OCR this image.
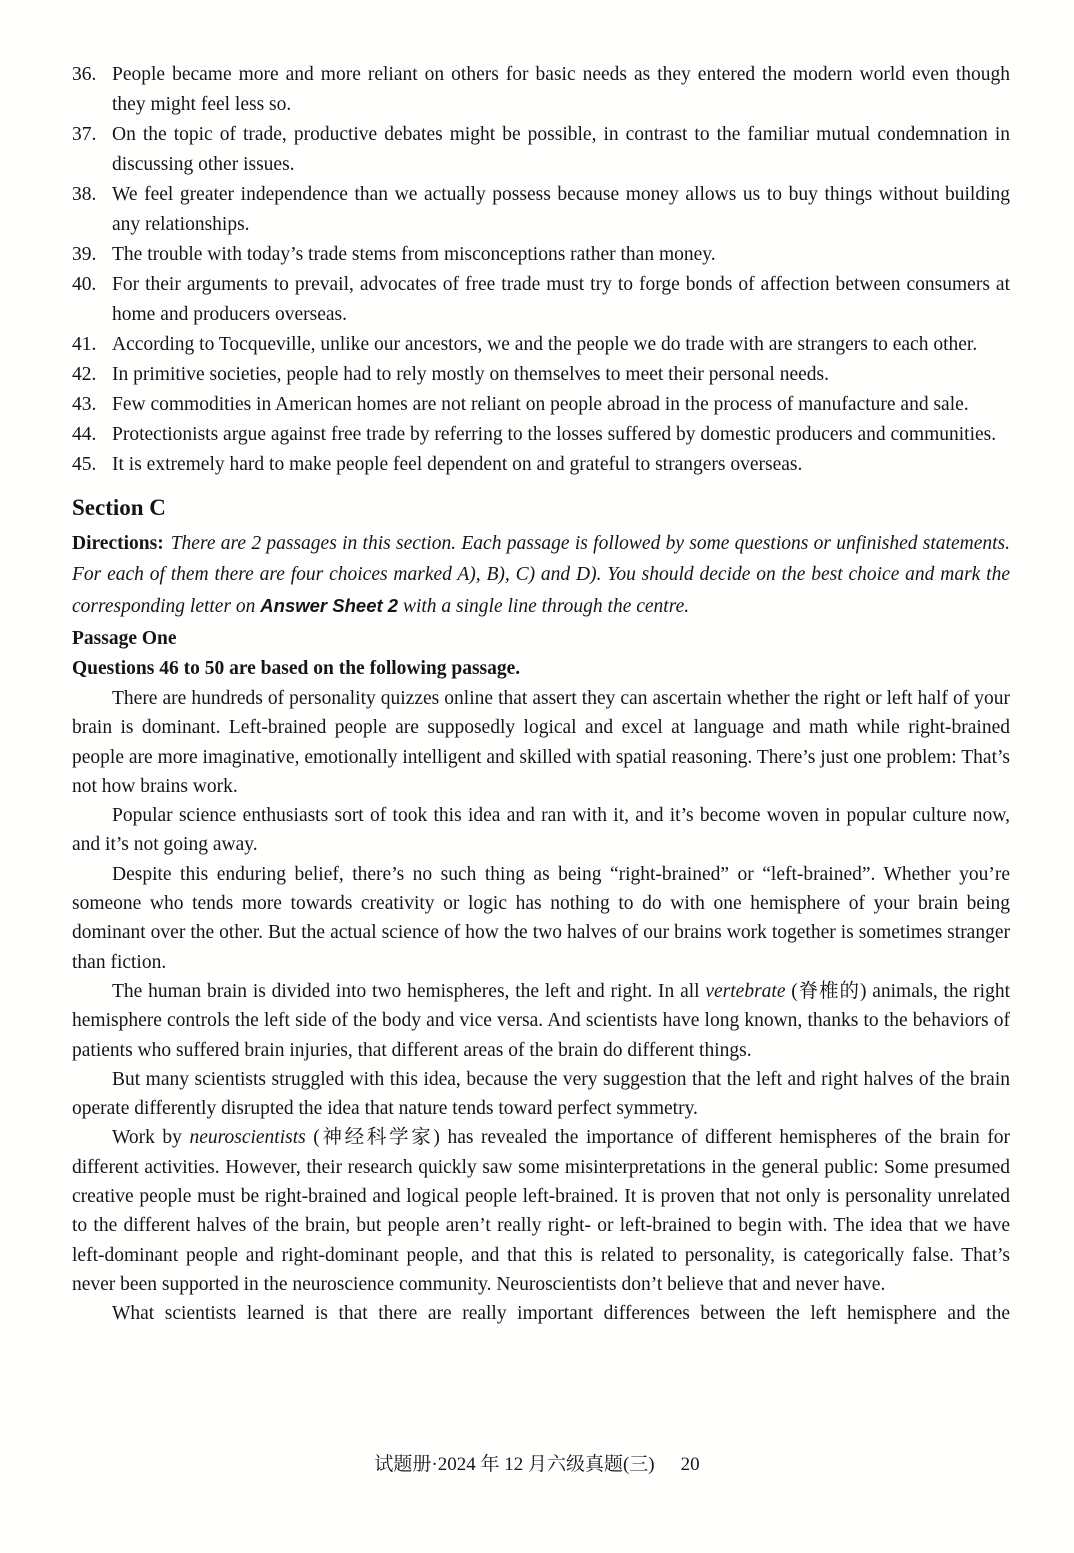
36. People became more and more reliant on others for basic needs as they entered the modern world even though they might feel less so.
37. On the topic of trade, productive debates might be possible, in contrast to the familiar mutual condemnation in discussing other issues.
38. We feel greater independence than we actually possess because money allows us to buy things without building any relationships.
39. The trouble with today’s trade stems from misconceptions rather than money.
40. For their arguments to prevail, advocates of free trade must try to forge bonds of affection between consumers at home and producers overseas.
41. According to Tocqueville, unlike our ancestors, we and the people we do trade with are strangers to each other.
42. In primitive societies, people had to rely mostly on themselves to meet their personal needs.
43. Few commodities in American homes are not reliant on people abroad in the process of manufacture and sale.
44. Protectionists argue against free trade by referring to the losses suffered by domestic producers and communities.
45. It is extremely hard to make people feel dependent on and grateful to strangers overseas.
Section C

Directions: There are 2 passages in this section. Each passage is followed by some questions or unfinished statements. For each of them there are four choices marked A), B), C) and D). You should decide on the best choice and mark the corresponding letter on Answer Sheet 2 with a single line through the centre.

Passage One
Questions 46 to 50 are based on the following passage.

There are hundreds of personality quizzes online that assert they can ascertain whether the right or left half of your brain is dominant. Left-brained people are supposedly logical and excel at language and math while right-brained people are more imaginative, emotionally intelligent and skilled with spatial reasoning. There’s just one problem: That’s not how brains work.

Popular science enthusiasts sort of took this idea and ran with it, and it’s become woven in popular culture now, and it’s not going away.

Despite this enduring belief, there’s no such thing as being “right-brained” or “left-brained”. Whether you’re someone who tends more towards creativity or logic has nothing to do with one hemisphere of your brain being dominant over the other. But the actual science of how the two halves of our brains work together is sometimes stranger than fiction.

The human brain is divided into two hemispheres, the left and right. In all vertebrate (脊椎的) animals, the right hemisphere controls the left side of the body and vice versa. And scientists have long known, thanks to the behaviors of patients who suffered brain injuries, that different areas of the brain do different things.

But many scientists struggled with this idea, because the very suggestion that the left and right halves of the brain operate differently disrupted the idea that nature tends toward perfect symmetry.

Work by neuroscientists (神经科学家) has revealed the importance of different hemispheres of the brain for different activities. However, their research quickly saw some misinterpretations in the general public: Some presumed creative people must be right-brained and logical people left-brained. It is proven that not only is personality unrelated to the different halves of the brain, but people aren’t really right- or left-brained to begin with. The idea that we have left-dominant people and right-dominant people, and that this is related to personality, is categorically false. That’s never been supported in the neuroscience community. Neuroscientists don’t believe that and never have.

What scientists learned is that there are really important differences between the left hemisphere and the

试题册·2024 年 12 月六级真题(三) 20
